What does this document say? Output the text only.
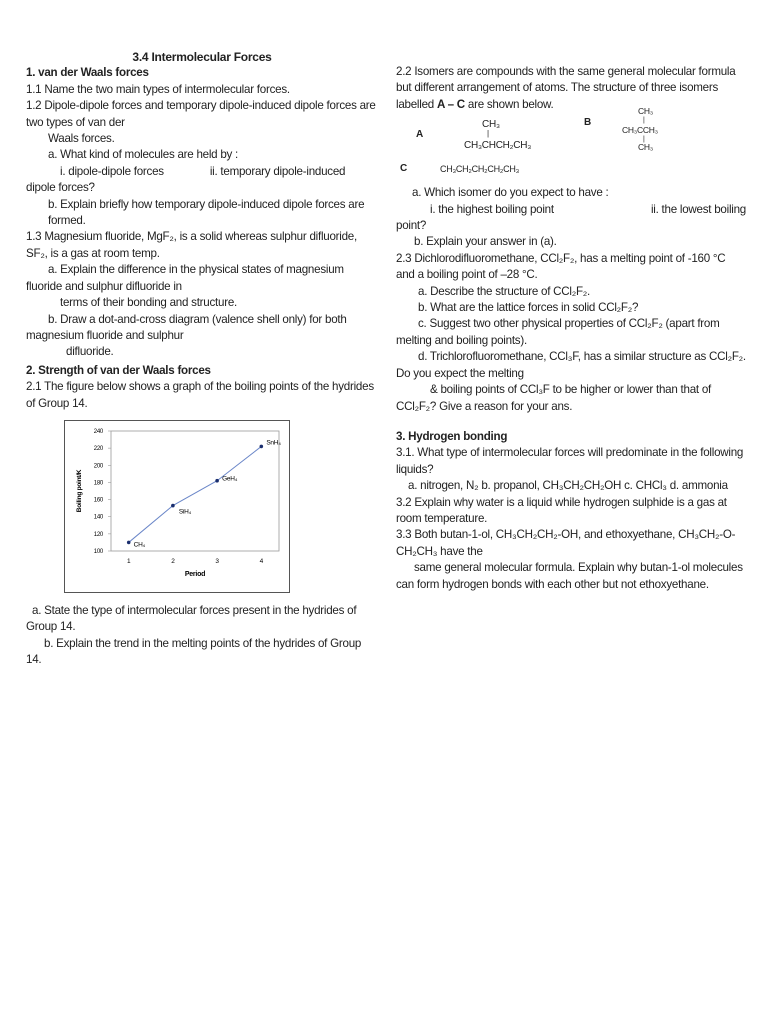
3.4 Intermolecular Forces

1. van der Waals forces

1.1 Name the two main types of intermolecular forces.

1.2 Dipole-dipole forces and temporary dipole-induced dipole forces are two types of van der

Waals forces.

a. What kind of molecules are held by :

i. dipole-dipole forces	ii. temporary dipole-induced

dipole forces?

b. Explain briefly how temporary dipole-induced dipole forces are formed.

1.3 Magnesium fluoride, MgF₂, is a solid whereas sulphur difluoride, SF₂, is a gas at room temp.

a. Explain the difference in the physical states of magnesium fluoride and sulphur difluoride in

terms of their bonding and structure.

b. Draw a dot-and-cross diagram (valence shell only) for both magnesium fluoride and sulphur

difluoride.

2. Strength of van der Waals forces

2.1 The figure below shows a graph of the boiling points of the hydrides of Group 14.

100
120
140
160
180
200
220
240
1	2	3	4
CH₄
SiH₄
GeH₄
SnH₄
Period
Boiling point/K

a. State the type of intermolecular forces present in the hydrides of Group 14.

b. Explain the trend in the melting points of the hydrides of Group 14.

2.2 Isomers are compounds with the same general molecular formula but different arrangement of atoms. The structure of three isomers labelled A – C are shown below.

A
CH₃
|
CH₃CHCH₂CH₃
B
CH₃
|
CH₃CCH₃
|
CH₃
C	CH₃CH₂CH₂CH₂CH₃

a. Which isomer do you expect to have :

i. the highest boiling point	ii. the lowest boiling

point?

b. Explain your answer in (a).

2.3 Dichlorodifluoromethane, CCl₂F₂, has a melting point of -160 °C and a boiling point of –28 °C.

a. Describe the structure of CCl₂F₂.

b. What are the lattice forces in solid CCl₂F₂?

c. Suggest two other physical properties of CCl₂F₂ (apart from melting and boiling points).

d. Trichlorofluoromethane, CCl₃F, has a similar structure as CCl₂F₂. Do you expect the melting

& boiling points of CCl₃F to be higher or lower than that of CCl₂F₂? Give a reason for your ans.

3. Hydrogen bonding

3.1. What type of intermolecular forces will predominate in the following liquids?

a. nitrogen, N₂ b. propanol, CH₃CH₂CH₂OH c. CHCl₃ d. ammonia

3.2 Explain why water is a liquid while hydrogen sulphide is a gas at room temperature.

3.3 Both butan-1-ol, CH₃CH₂CH₂-OH, and ethoxyethane, CH₃CH₂-O-CH₂CH₃ have the

same general molecular formula. Explain why butan-1-ol molecules can form hydrogen bonds with each other but not ethoxyethane.
